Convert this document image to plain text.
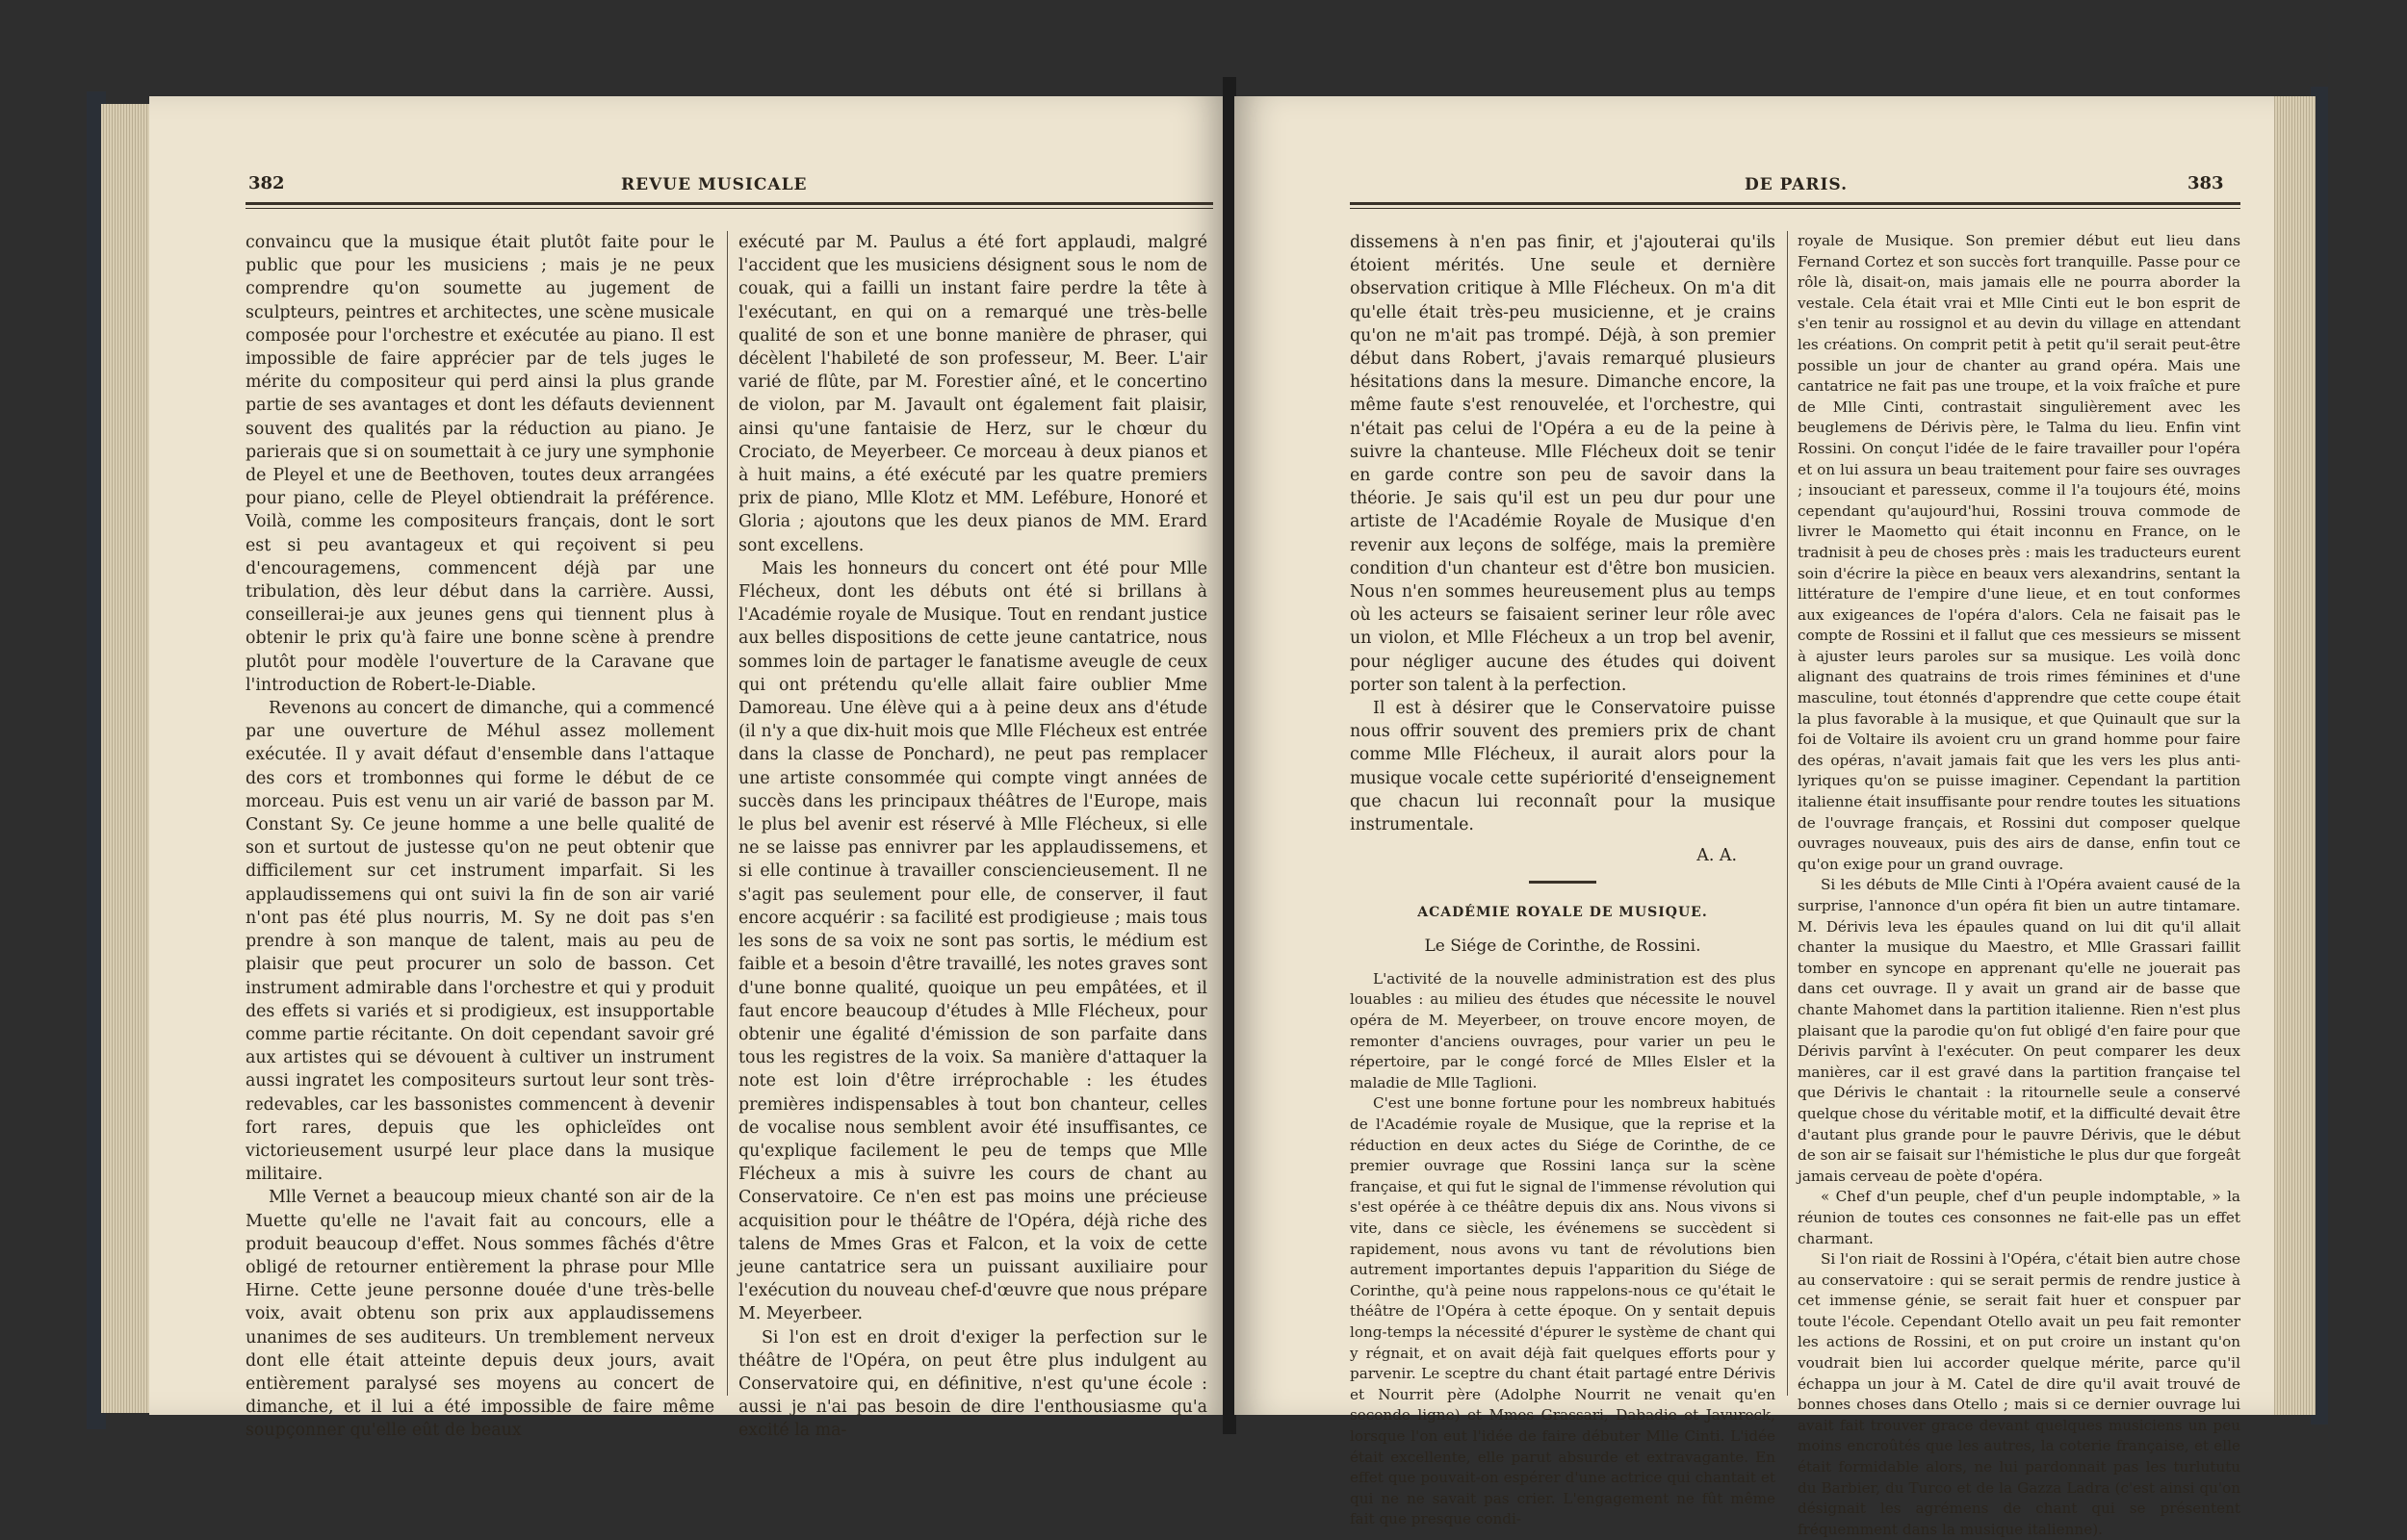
382	REVUE MUSICALE

convaincu que la musique était plutôt faite pour le public que pour les musiciens ; mais je ne peux comprendre qu'on soumette au jugement de sculpteurs, peintres et architectes, une scène musicale composée pour l'orchestre et exécutée au piano. Il est impossible de faire apprécier par de tels juges le mérite du compositeur qui perd ainsi la plus grande partie de ses avantages et dont les défauts deviennent souvent des qualités par la réduction au piano. Je parierais que si on soumettait à ce jury une symphonie de Pleyel et une de Beethoven, toutes deux arrangées pour piano, celle de Pleyel obtiendrait la préférence. Voilà, comme les compositeurs français, dont le sort est si peu avantageux et qui reçoivent si peu d'encouragemens, commencent déjà par une tribulation, dès leur début dans la carrière. Aussi, conseillerai-je aux jeunes gens qui tiennent plus à obtenir le prix qu'à faire une bonne scène à prendre plutôt pour modèle l'ouverture de la Caravane que l'introduction de Robert-le-Diable.

Revenons au concert de dimanche, qui a commencé par une ouverture de Méhul assez mollement exécutée. Il y avait défaut d'ensemble dans l'attaque des cors et trombonnes qui forme le début de ce morceau. Puis est venu un air varié de basson par M. Constant Sy. Ce jeune homme a une belle qualité de son et surtout de justesse qu'on ne peut obtenir que difficilement sur cet instrument imparfait. Si les applaudissemens qui ont suivi la fin de son air varié n'ont pas été plus nourris, M. Sy ne doit pas s'en prendre à son manque de talent, mais au peu de plaisir que peut procurer un solo de basson. Cet instrument admirable dans l'orchestre et qui y produit des effets si variés et si prodigieux, est insupportable comme partie récitante. On doit cependant savoir gré aux artistes qui se dévouent à cultiver un instrument aussi ingratet les compositeurs surtout leur sont très-redevables, car les bassonistes commencent à devenir fort rares, depuis que les ophicleïdes ont victorieusement usurpé leur place dans la musique militaire.

Mlle Vernet a beaucoup mieux chanté son air de la Muette qu'elle ne l'avait fait au concours, elle a produit beaucoup d'effet. Nous sommes fâchés d'être obligé de retourner entièrement la phrase pour Mlle Hirne. Cette jeune personne douée d'une très-belle voix, avait obtenu son prix aux applaudissemens unanimes de ses auditeurs. Un tremblement nerveux dont elle était atteinte depuis deux jours, avait entièrement paralysé ses moyens au concert de dimanche, et il lui a été impossible de faire même soupçonner qu'elle eût de beaux

exécuté par M. Paulus a été fort applaudi, malgré l'accident que les musiciens désignent sous le nom de couak, qui a failli un instant faire perdre la tête à l'exécutant, en qui on a remarqué une très-belle qualité de son et une bonne manière de phraser, qui décèlent l'habileté de son professeur, M. Beer. L'air varié de flûte, par M. Forestier aîné, et le concertino de violon, par M. Javault ont également fait plaisir, ainsi qu'une fantaisie de Herz, sur le chœur du Crociato, de Meyerbeer. Ce morceau à deux pianos et à huit mains, a été exécuté par les quatre premiers prix de piano, Mlle Klotz et MM. Lefébure, Honoré et Gloria ; ajoutons que les deux pianos de MM. Erard sont excellens.

Mais les honneurs du concert ont été pour Mlle Flécheux, dont les débuts ont été si brillans à l'Académie royale de Musique. Tout en rendant justice aux belles dispositions de cette jeune cantatrice, nous sommes loin de partager le fanatisme aveugle de ceux qui ont prétendu qu'elle allait faire oublier Mme Damoreau. Une élève qui a à peine deux ans d'étude (il n'y a que dix-huit mois que Mlle Flécheux est entrée dans la classe de Ponchard), ne peut pas remplacer une artiste consommée qui compte vingt années de succès dans les principaux théâtres de l'Europe, mais le plus bel avenir est réservé à Mlle Flécheux, si elle ne se laisse pas ennivrer par les applaudissemens, et si elle continue à travailler consciencieusement. Il ne s'agit pas seulement pour elle, de conserver, il faut encore acquérir : sa facilité est prodigieuse ; mais tous les sons de sa voix ne sont pas sortis, le médium est faible et a besoin d'être travaillé, les notes graves sont d'une bonne qualité, quoique un peu empâtées, et il faut encore beaucoup d'études à Mlle Flécheux, pour obtenir une égalité d'émission de son parfaite dans tous les registres de la voix. Sa manière d'attaquer la note est loin d'être irréprochable : les études premières indispensables à tout bon chanteur, celles de vocalise nous semblent avoir été insuffisantes, ce qu'explique facilement le peu de temps que Mlle Flécheux a mis à suivre les cours de chant au Conservatoire. Ce n'en est pas moins une précieuse acquisition pour le théâtre de l'Opéra, déjà riche des talens de Mmes Gras et Falcon, et la voix de cette jeune cantatrice sera un puissant auxiliaire pour l'exécution du nouveau chef-d'œuvre que nous prépare M. Meyerbeer.

Si l'on est en droit d'exiger la perfection sur le théâtre de l'Opéra, on peut être plus indulgent au Conservatoire qui, en définitive, n'est qu'une école : aussi je n'ai pas besoin de dire l'enthousiasme qu'a excité la ma-

DE PARIS.	383

dissemens à n'en pas finir, et j'ajouterai qu'ils étoient mérités. Une seule et dernière observation critique à Mlle Flécheux. On m'a dit qu'elle était très-peu musicienne, et je crains qu'on ne m'ait pas trompé. Déjà, à son premier début dans Robert, j'avais remarqué plusieurs hésitations dans la mesure. Dimanche encore, la même faute s'est renouvelée, et l'orchestre, qui n'était pas celui de l'Opéra a eu de la peine à suivre la chanteuse. Mlle Flécheux doit se tenir en garde contre son peu de savoir dans la théorie. Je sais qu'il est un peu dur pour une artiste de l'Académie Royale de Musique d'en revenir aux leçons de solfége, mais la première condition d'un chanteur est d'être bon musicien. Nous n'en sommes heureusement plus au temps où les acteurs se faisaient seriner leur rôle avec un violon, et Mlle Flécheux a un trop bel avenir, pour négliger aucune des études qui doivent porter son talent à la perfection.

Il est à désirer que le Conservatoire puisse nous offrir souvent des premiers prix de chant comme Mlle Flécheux, il aurait alors pour la musique vocale cette supériorité d'enseignement que chacun lui reconnaît pour la musique instrumentale.

A. A.

ACADÉMIE ROYALE DE MUSIQUE.

Le Siége de Corinthe, de Rossini.

L'activité de la nouvelle administration est des plus louables : au milieu des études que nécessite le nouvel opéra de M. Meyerbeer, on trouve encore moyen, de remonter d'anciens ouvrages, pour varier un peu le répertoire, par le congé forcé de Mlles Elsler et la maladie de Mlle Taglioni.

C'est une bonne fortune pour les nombreux habitués de l'Académie royale de Musique, que la reprise et la réduction en deux actes du Siége de Corinthe, de ce premier ouvrage que Rossini lança sur la scène française, et qui fut le signal de l'immense révolution qui s'est opérée à ce théâtre depuis dix ans. Nous vivons si vite, dans ce siècle, les événemens se succèdent si rapidement, nous avons vu tant de révolutions bien autrement importantes depuis l'apparition du Siége de Corinthe, qu'à peine nous rappelons-nous ce qu'était le théâtre de l'Opéra à cette époque. On y sentait depuis long-temps la nécessité d'épurer le système de chant qui y régnait, et on avait déjà fait quelques efforts pour y parvenir. Le sceptre du chant était partagé entre Dérivis et Nourrit père (Adolphe Nourrit ne venait qu'en seconde ligne) et Mmes Grassari, Dabadie et Javureck, lorsque l'on eut l'idée de faire débuter Mlle Cinti. L'idée était excellente, elle parut absurde et extravagante. En effet que pouvait-on espérer d'une actrice qui chantait et qui ne ne savait pas crier. L'engagement ne fût même fait que presque condi-

royale de Musique. Son premier début eut lieu dans Fernand Cortez et son succès fort tranquille. Passe pour ce rôle là, disait-on, mais jamais elle ne pourra aborder la vestale. Cela était vrai et Mlle Cinti eut le bon esprit de s'en tenir au rossignol et au devin du village en attendant les créations. On comprit petit à petit qu'il serait peut-être possible un jour de chanter au grand opéra. Mais une cantatrice ne fait pas une troupe, et la voix fraîche et pure de Mlle Cinti, contrastait singulièrement avec les beuglemens de Dérivis père, le Talma du lieu. Enfin vint Rossini. On conçut l'idée de le faire travailler pour l'opéra et on lui assura un beau traitement pour faire ses ouvrages ; insouciant et paresseux, comme il l'a toujours été, moins cependant qu'aujourd'hui, Rossini trouva commode de livrer le Maometto qui était inconnu en France, on le tradnisit à peu de choses près : mais les traducteurs eurent soin d'écrire la pièce en beaux vers alexandrins, sentant la littérature de l'empire d'une lieue, et en tout conformes aux exigeances de l'opéra d'alors. Cela ne faisait pas le compte de Rossini et il fallut que ces messieurs se missent à ajuster leurs paroles sur sa musique. Les voilà donc alignant des quatrains de trois rimes féminines et d'une masculine, tout étonnés d'apprendre que cette coupe était la plus favorable à la musique, et que Quinault que sur la foi de Voltaire ils avoient cru un grand homme pour faire des opéras, n'avait jamais fait que les vers les plus anti-lyriques qu'on se puisse imaginer. Cependant la partition italienne était insuffisante pour rendre toutes les situations de l'ouvrage français, et Rossini dut composer quelque ouvrages nouveaux, puis des airs de danse, enfin tout ce qu'on exige pour un grand ouvrage.

Si les débuts de Mlle Cinti à l'Opéra avaient causé de la surprise, l'annonce d'un opéra fit bien un autre tintamare. M. Dérivis leva les épaules quand on lui dit qu'il allait chanter la musique du Maestro, et Mlle Grassari faillit tomber en syncope en apprenant qu'elle ne jouerait pas dans cet ouvrage. Il y avait un grand air de basse que chante Mahomet dans la partition italienne. Rien n'est plus plaisant que la parodie qu'on fut obligé d'en faire pour que Dérivis parvînt à l'exécuter. On peut comparer les deux manières, car il est gravé dans la partition française tel que Dérivis le chantait : la ritournelle seule a conservé quelque chose du véritable motif, et la difficulté devait être d'autant plus grande pour le pauvre Dérivis, que le début de son air se faisait sur l'hémistiche le plus dur que forgeât jamais cerveau de poète d'opéra.

« Chef d'un peuple, chef d'un peuple indomptable, » la réunion de toutes ces consonnes ne fait-elle pas un effet charmant.

Si l'on riait de Rossini à l'Opéra, c'était bien autre chose au conservatoire : qui se serait permis de rendre justice à cet immense génie, se serait fait huer et conspuer par toute l'école. Cependant Otello avait un peu fait remonter les actions de Rossini, et on put croire un instant qu'on voudrait bien lui accorder quelque mérite, parce qu'il échappa un jour à M. Catel de dire qu'il avait trouvé de bonnes choses dans Otello ; mais si ce dernier ouvrage lui avait fait trouver grace devant quelques musiciens un peu moins encroûtés que les autres, la coterie française, et elle était formidable alors, ne lui pardonnait pas les turlututu du Barbier, du Turco et de la Gazza Ladra (c'est ainsi qu'on désignait les agrémens de chant qui se présentent fréquemment dans la musique italienne).
